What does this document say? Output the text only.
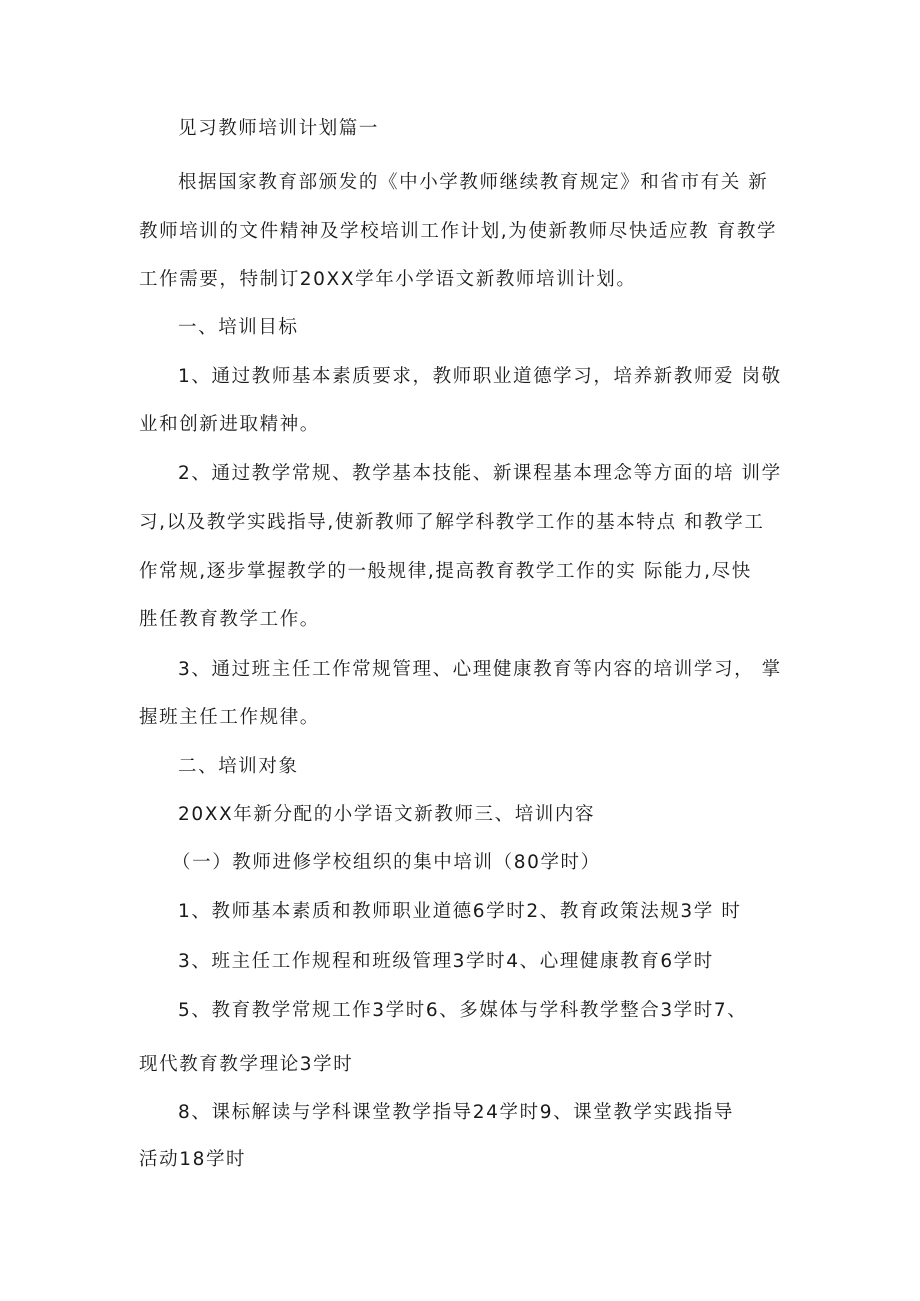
见习教师培训计划篇一
根据国家教育部颁发的《中小学教师继续教育规定》和省市有关 新
教师培训的文件精神及学校培训工作计划,为使新教师尽快适应教 育教学
工作需要，特制订20XX学年小学语文新教师培训计划。
一、培训目标
1、通过教师基本素质要求，教师职业道德学习，培养新教师爱 岗敬
业和创新进取精神。
2、通过教学常规、教学基本技能、新课程基本理念等方面的培 训学
习,以及教学实践指导,使新教师了解学科教学工作的基本特点 和教学工
作常规,逐步掌握教学的一般规律,提高教育教学工作的实 际能力,尽快
胜任教育教学工作。
3、通过班主任工作常规管理、心理健康教育等内容的培训学习， 掌
握班主任工作规律。
二、培训对象
20XX年新分配的小学语文新教师三、培训内容
（一）教师进修学校组织的集中培训（80学时）
1、教师基本素质和教师职业道德6学时2、教育政策法规3学 时
3、班主任工作规程和班级管理3学时4、心理健康教育6学时
5、教育教学常规工作3学时6、多媒体与学科教学整合3学时7、
现代教育教学理论3学时
8、课标解读与学科课堂教学指导24学时9、课堂教学实践指导
活动18学时
